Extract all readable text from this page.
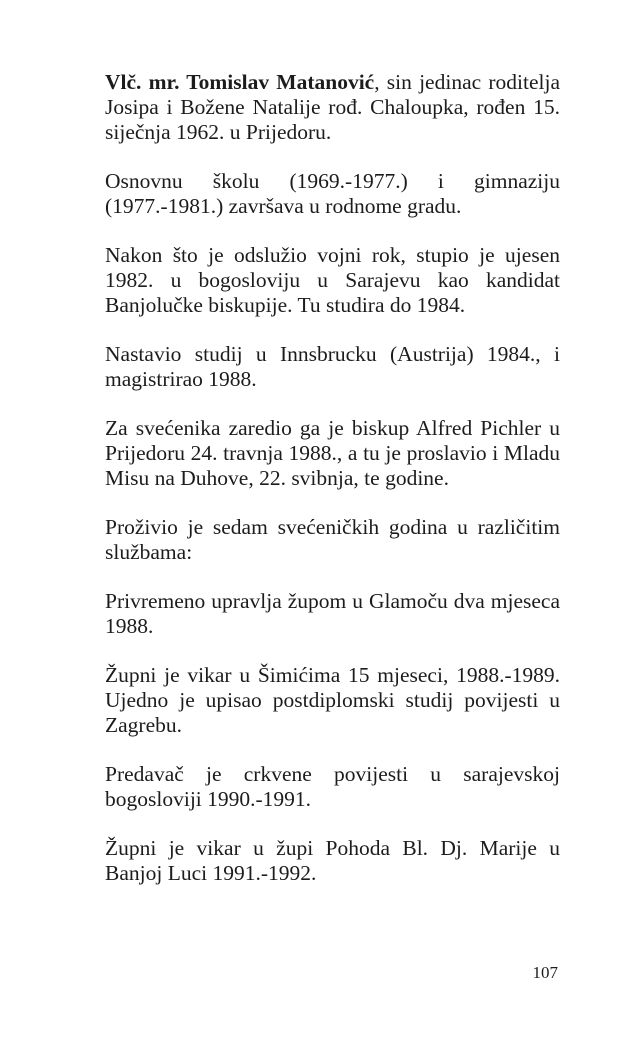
Vlč. mr. Tomislav Matanović, sin jedinac roditelja Josipa i Božene Natalije rođ. Chaloupka, rođen 15. siječnja 1962. u Prijedoru.

Osnovnu školu (1969.-1977.) i gimnaziju (1977.-1981.) završava u rodnome gradu.

Nakon što je odslužio vojni rok, stupio je ujesen 1982. u bogosloviju u Sarajevu kao kandidat Banjolučke biskupije. Tu studira do 1984.

Nastavio studij u Innsbrucku (Austrija) 1984., i magistrirao 1988.

Za svećenika zaredio ga je biskup Alfred Pichler u Prijedoru 24. travnja 1988., a tu je proslavio i Mladu Misu na Duhove, 22. svibnja, te godine.

Proživio je sedam svećeničkih godina u različitim službama:

Privremeno upravlja župom u Glamoču dva mjeseca 1988.

Župni je vikar u Šimićima 15 mjeseci, 1988.-1989. Ujedno je upisao postdiplomski studij povijesti u Zagrebu.

Predavač je crkvene povijesti u sarajevskoj bogosloviji 1990.-1991.

Župni je vikar u župi Pohoda Bl. Dj. Marije u Banjoj Luci 1991.-1992.

107
